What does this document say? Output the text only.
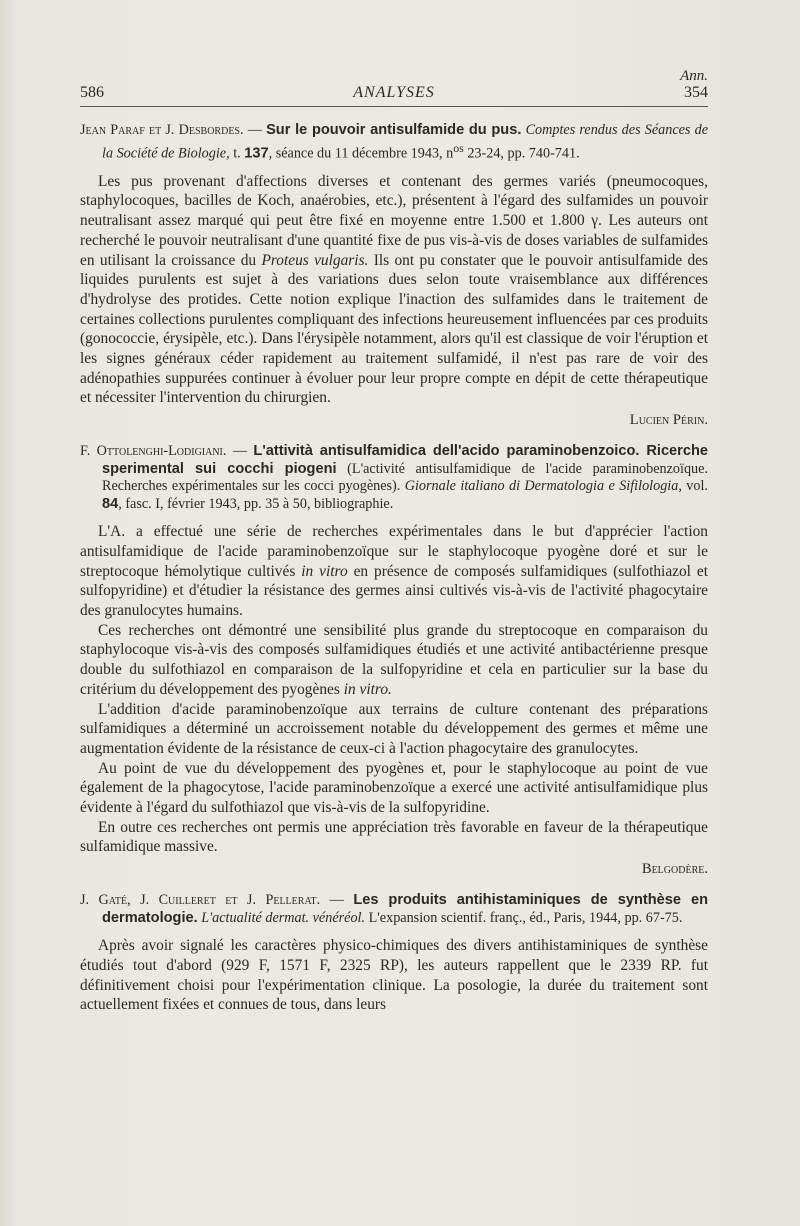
Ann.
586	ANALYSES	354
Jean Paraf et J. Desbordes. — Sur le pouvoir antisulfamide du pus. Comptes rendus des Séances de la Société de Biologie, t. 137, séance du 11 décembre 1943, $n^{os}$ 23-24, pp. 740-741.

Les pus provenant d'affections diverses et contenant des germes variés (pneumocoques, staphylocoques, bacilles de Koch, anaérobies, etc.), présentent à l'égard des sulfamides un pouvoir neutralisant assez marqué qui peut être fixé en moyenne entre 1.500 et 1.800 γ. Les auteurs ont recherché le pouvoir neutralisant d'une quantité fixe de pus vis-à-vis de doses variables de sulfamides en utilisant la croissance du Proteus vulgaris. Ils ont pu constater que le pouvoir antisulfamide des liquides purulents est sujet à des variations dues selon toute vraisemblance aux différences d'hydrolyse des protides. Cette notion explique l'inaction des sulfamides dans le traitement de certaines collections purulentes compliquant des infections heureusement influencées par ces produits (gonococcie, érysipèle, etc.). Dans l'érysipèle notamment, alors qu'il est classique de voir l'éruption et les signes généraux céder rapidement au traitement sulfamidé, il n'est pas rare de voir des adénopathies suppurées continuer à évoluer pour leur propre compte en dépit de cette thérapeutique et nécessiter l'intervention du chirurgien.

Lucien Périn.
F. Ottolenghi-Lodigiani. — L'attività antisulfamidica dell'acido paraminobenzoico. Ricerche sperimental sui cocchi piogeni (L'activité antisulfamidique de l'acide paraminobenzoïque. Recherches expérimentales sur les cocci pyogènes). Giornale italiano di Dermatologia e Sifilologia, vol. 84, fasc. I, février 1943, pp. 35 à 50, bibliographie.

L'A. a effectué une série de recherches expérimentales dans le but d'apprécier l'action antisulfamidique de l'acide paraminobenzoïque sur le staphylocoque pyogène doré et sur le streptocoque hémolytique cultivés in vitro en présence de composés sulfamidiques (sulfothiazol et sulfopyridine) et d'étudier la résistance des germes ainsi cultivés vis-à-vis de l'activité phagocytaire des granulocytes humains.

Ces recherches ont démontré une sensibilité plus grande du streptocoque en comparaison du staphylocoque vis-à-vis des composés sulfamidiques étudiés et une activité antibactérienne presque double du sulfothiazol en comparaison de la sulfopyridine et cela en particulier sur la base du critérium du développement des pyogènes in vitro.

L'addition d'acide paraminobenzoïque aux terrains de culture contenant des préparations sulfamidiques a déterminé un accroissement notable du développement des germes et même une augmentation évidente de la résistance de ceux-ci à l'action phagocytaire des granulocytes.

Au point de vue du développement des pyogènes et, pour le staphylocoque au point de vue également de la phagocytose, l'acide paraminobenzoïque a exercé une activité antisulfamidique plus évidente à l'égard du sulfothiazol que vis-à-vis de la sulfopyridine.

En outre ces recherches ont permis une appréciation très favorable en faveur de la thérapeutique sulfamidique massive.

Belgodère.
J. Gaté, J. Cuilleret et J. Pellerat. — Les produits antihistaminiques de synthèse en dermatologie. L'actualité dermat. vénéréol. L'expansion scientif. franç., éd., Paris, 1944, pp. 67-75.

Après avoir signalé les caractères physico-chimiques des divers antihistaminiques de synthèse étudiés tout d'abord (929 F, 1571 F, 2325 RP), les auteurs rappellent que le 2339 RP. fut définitivement choisi pour l'expérimentation clinique. La posologie, la durée du traitement sont actuellement fixées et connues de tous, dans leurs
